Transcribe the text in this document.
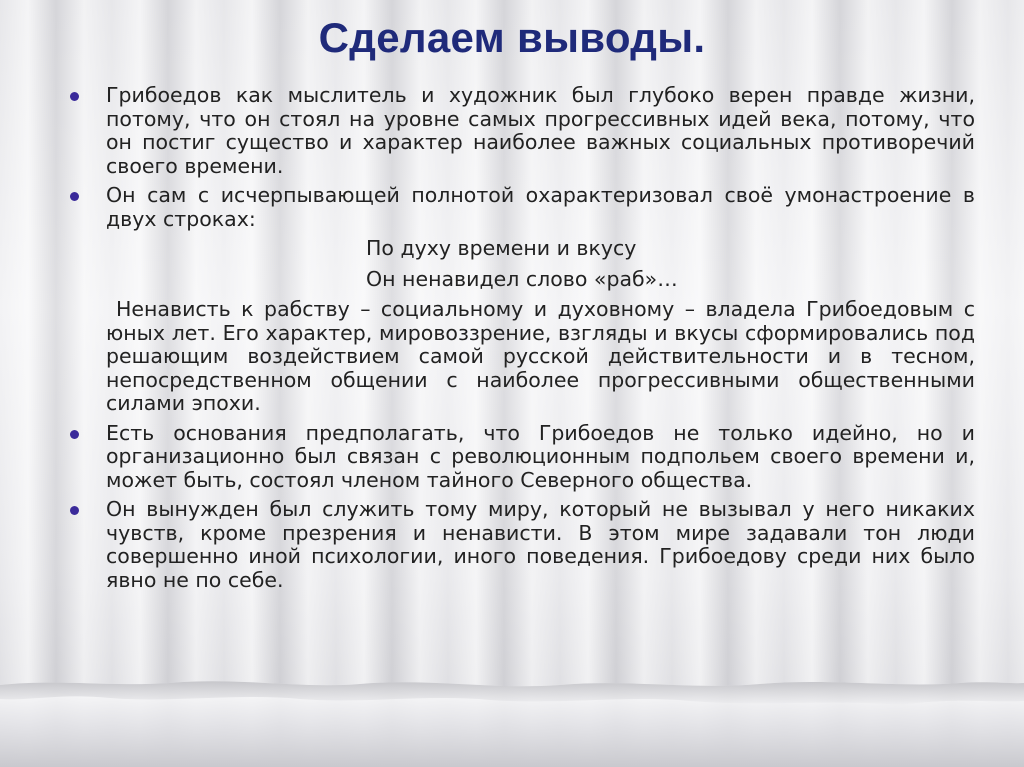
Сделаем выводы.
Грибоедов как мыслитель и художник был глубоко верен правде жизни, потому, что он стоял на уровне самых прогрессивных идей века, потому, что он постиг существо и характер наиболее важных социальных противоречий своего времени.
Он сам с исчерпывающей полнотой охарактеризовал своё умонастроение в двух строках:
По духу времени и вкусу
Он ненавидел слово «раб»…
Ненависть к рабству – социальному и духовному – владела Грибоедовым с юных лет. Его характер, мировоззрение, взгляды и вкусы сформировались под решающим воздействием самой русской действительности и в тесном, непосредственном общении с наиболее прогрессивными общественными силами эпохи.
Есть основания предполагать, что Грибоедов не только идейно, но и организационно был связан с революционным подпольем своего времени и, может быть, состоял членом тайного Северного общества.
Он вынужден был служить тому миру, который не вызывал у него никаких чувств, кроме презрения и ненависти. В этом мире задавали тон люди совершенно иной психологии, иного поведения. Грибоедову среди них было явно не по себе.
